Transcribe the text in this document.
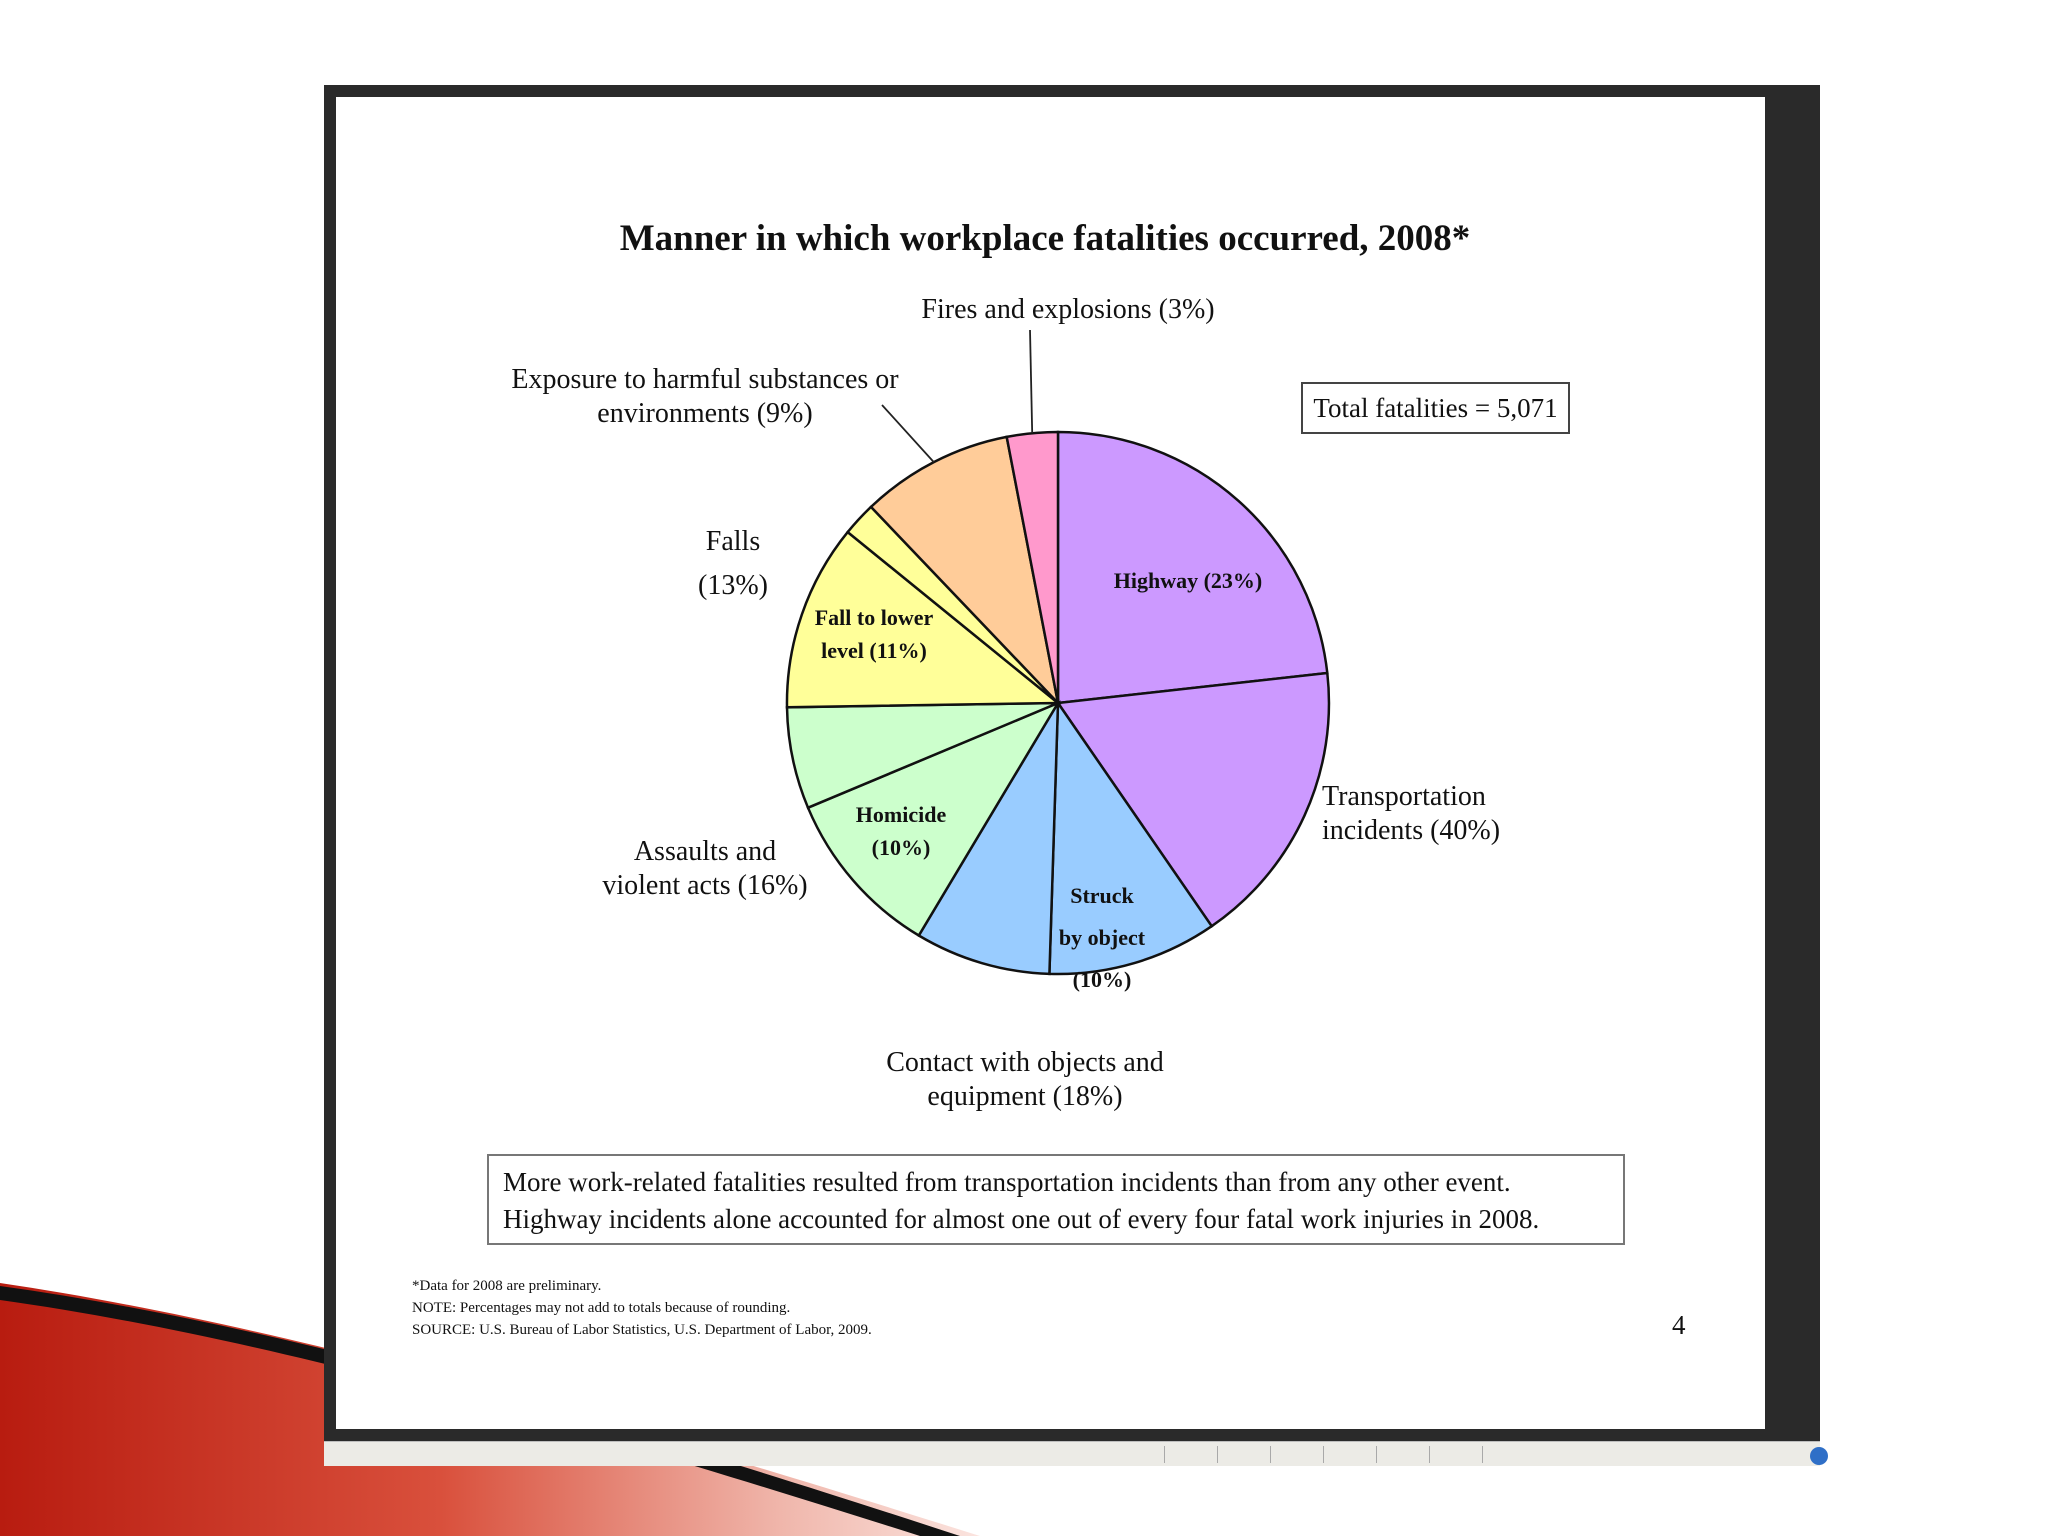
Manner in which workplace fatalities occurred, 2008*
Transportation incidents (40%)
Contact with objects and equipment (18%)
Assaults and violent acts (16%)
Falls (13%)
Exposure to harmful substances or environments (9%)
Fires and explosions (3%)
Highway (23%)
Struck by object (10%)
Homicide (10%)
Fall to lower level (11%)
Total fatalities = 5,071
More work-related fatalities resulted from transportation incidents than from any other event. Highway incidents alone accounted for almost one out of every four fatal work injuries in 2008.
*Data for 2008 are preliminary.
NOTE: Percentages may not add to totals because of rounding.
SOURCE: U.S. Bureau of Labor Statistics, U.S. Department of Labor, 2009.	4
